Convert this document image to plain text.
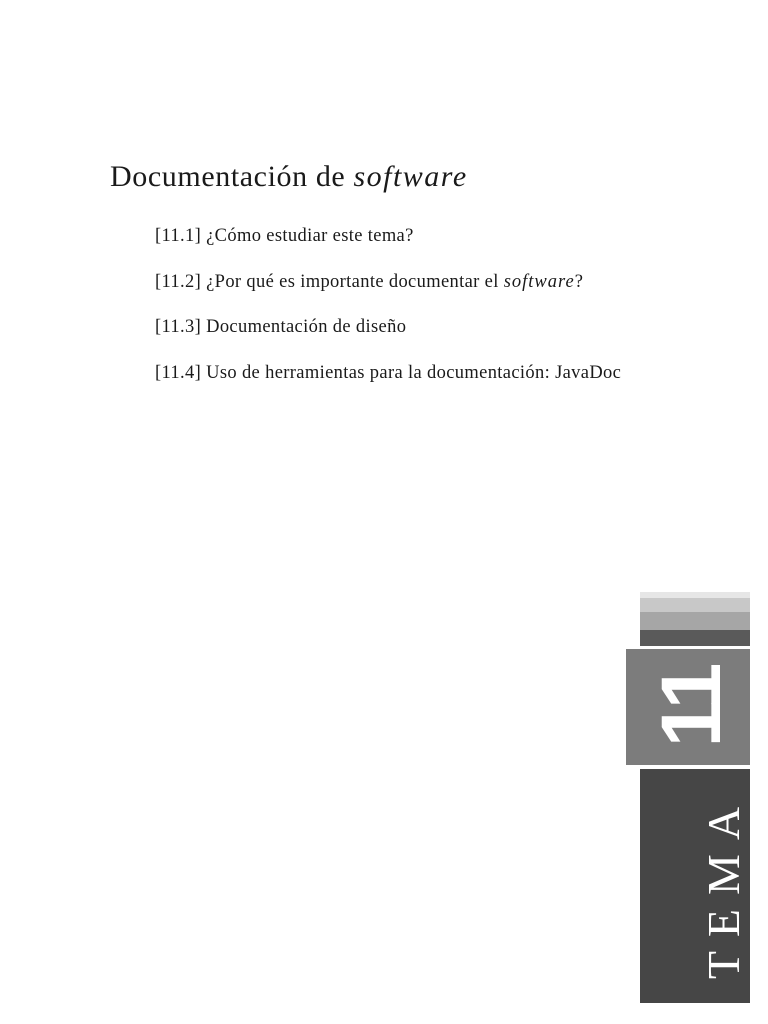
Documentación de software
[11.1] ¿Cómo estudiar este tema?
[11.2] ¿Por qué es importante documentar el software?
[11.3] Documentación de diseño
[11.4] Uso de herramientas para la documentación: JavaDoc
11
TEMA
